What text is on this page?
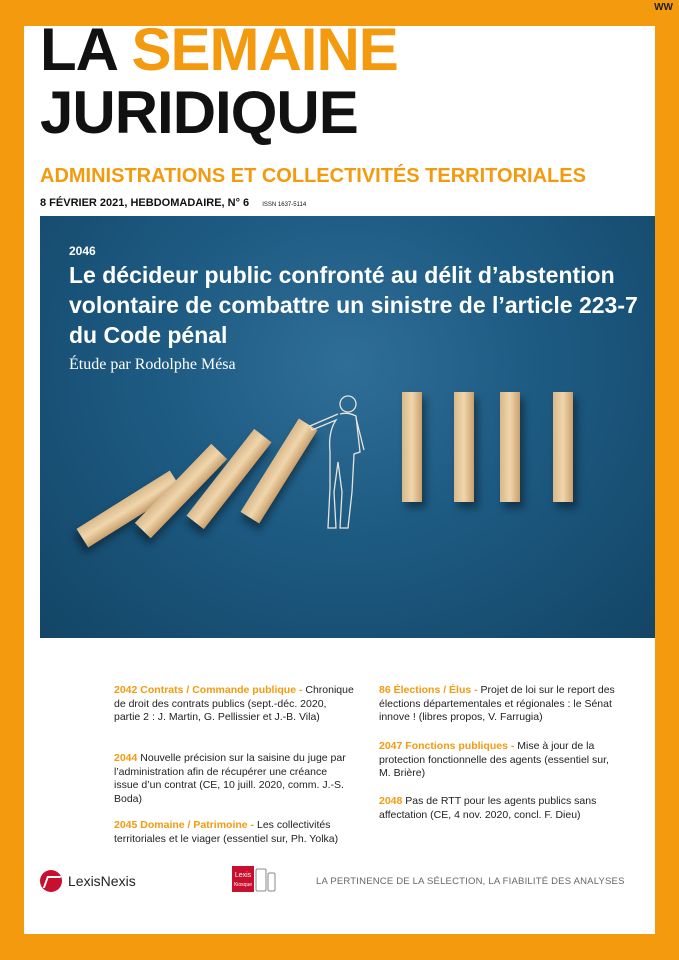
WW
LA SEMAINE
JURIDIQUE
ADMINISTRATIONS ET COLLECTIVITÉS TERRITORIALES
8 FÉVRIER 2021, HEBDOMADAIRE, N° 6 ISSN 1637-5114
2046
Le décideur public confronté au délit d’abstention volontaire de combattre un sinistre de l’article 223-7 du Code pénal
Étude par Rodolphe Mésa
2042 Contrats / Commande publique - Chronique de droit des contrats publics (sept.-déc. 2020, partie 2 : J. Martin, G. Pellissier et J.-B. Vila)
2044 Nouvelle précision sur la saisine du juge par l’administration afin de récupérer une créance issue d’un contrat (CE, 10 juill. 2020, comm. J.-S. Boda)
2045 Domaine / Patrimoine - Les collectivités territoriales et le viager (essentiel sur, Ph. Yolka)
86 Élections / Élus - Projet de loi sur le report des élections départementales et régionales : le Sénat innove ! (libres propos, V. Farrugia)
2047 Fonctions publiques - Mise à jour de la protection fonctionnelle des agents (essentiel sur, M. Brière)
2048 Pas de RTT pour les agents publics sans affectation (CE, 4 nov. 2020, concl. F. Dieu)
LexisNexis	Lexis
Kiosque	LA PERTINENCE DE LA SÉLECTION, LA FIABILITÉ DES ANALYSES
